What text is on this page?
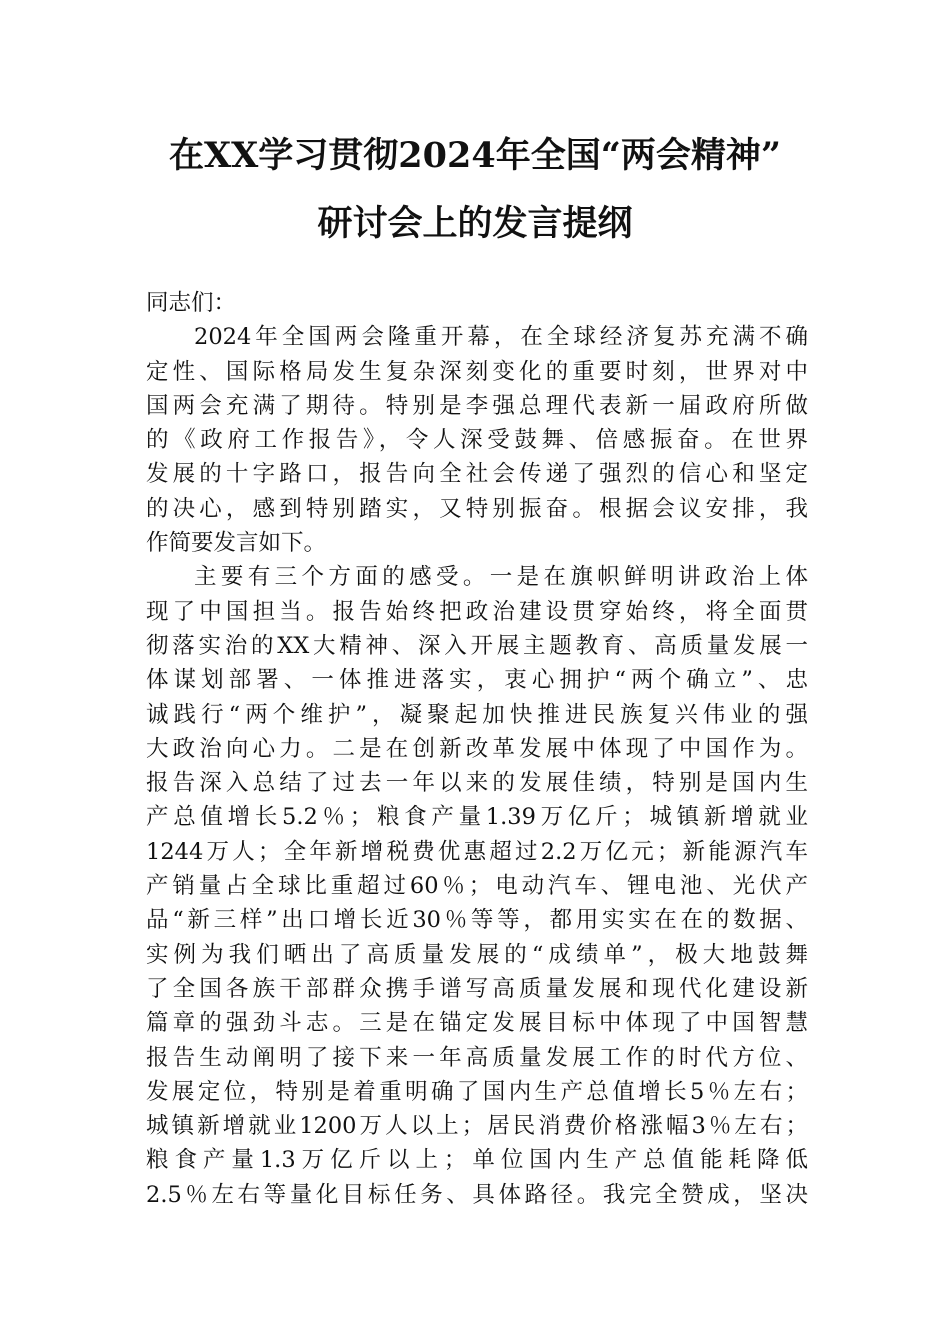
在XX学习贯彻2024年全国“两会精神”
研讨会上的发言提纲
同志们：
2024年全国两会隆重开幕，在全球经济复苏充满不确
定性、国际格局发生复杂深刻变化的重要时刻，世界对中
国两会充满了期待。特别是李强总理代表新一届政府所做
的《政府工作报告》，令人深受鼓舞、倍感振奋。在世界
发展的十字路口，报告向全社会传递了强烈的信心和坚定
的决心，感到特别踏实，又特别振奋。根据会议安排，我
作简要发言如下。
主要有三个方面的感受。一是在旗帜鲜明讲政治上体
现了中国担当。报告始终把政治建设贯穿始终，将全面贯
彻落实治的XX大精神、深入开展主题教育、高质量发展一
体谋划部署、一体推进落实，衷心拥护“两个确立”、忠
诚践行“两个维护”，凝聚起加快推进民族复兴伟业的强
大政治向心力。二是在创新改革发展中体现了中国作为。
报告深入总结了过去一年以来的发展佳绩，特别是国内生
产总值增长5.2％；粮食产量1.39万亿斤；城镇新增就业
1244万人；全年新增税费优惠超过2.2万亿元；新能源汽车
产销量占全球比重超过60％；电动汽车、锂电池、光伏产
品“新三样”出口增长近30％等等，都用实实在在的数据、
实例为我们晒出了高质量发展的“成绩单”，极大地鼓舞
了全国各族干部群众携手谱写高质量发展和现代化建设新
篇章的强劲斗志。三是在锚定发展目标中体现了中国智慧
报告生动阐明了接下来一年高质量发展工作的时代方位、
发展定位，特别是着重明确了国内生产总值增长5％左右；
城镇新增就业1200万人以上；居民消费价格涨幅3％左右；
粮食产量1.3万亿斤以上；单位国内生产总值能耗降低
2.5％左右等量化目标任务、具体路径。我完全赞成，坚决
